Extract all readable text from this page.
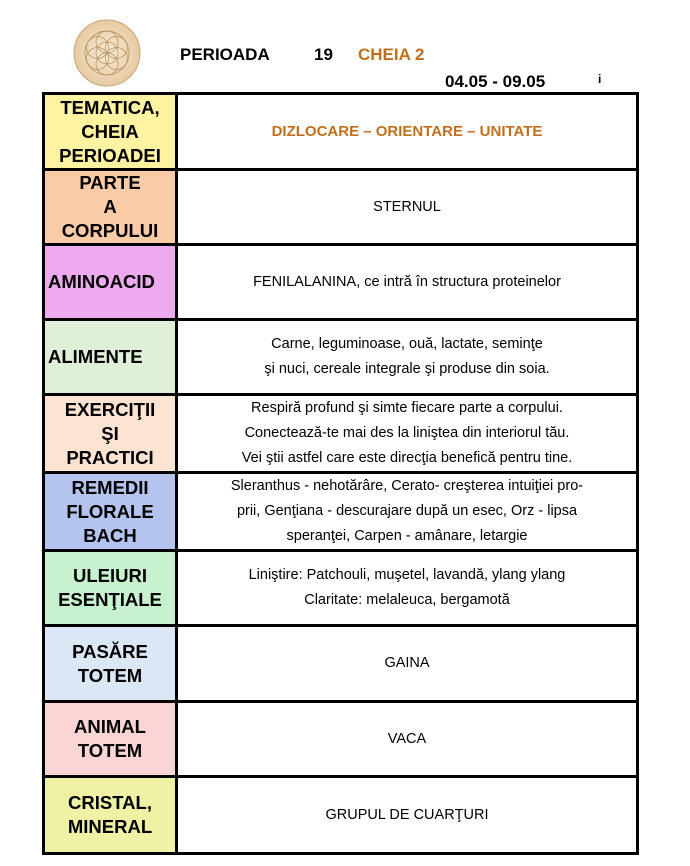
PERIOADA	19 CHEIA 2
04.05 - 09.05	i
TEMATICA,
CHEIA
PERIOADEI	DIZLOCARE – ORIENTARE – UNITATE

PARTE
A
CORPULUI	STERNUL

AMINOACID	FENILALANINA, ce intră în structura proteinelor

ALIMENTE	Carne, leguminoase, ouă, lactate, seminţe
şi nuci, cereale integrale şi produse din soia.

EXERCIŢII
ŞI
PRACTICI	Respiră profund şi simte fiecare parte a corpului.
Conectează-te mai des la liniştea din interiorul tău.
Vei ştii astfel care este direcţia benefică pentru tine.

REMEDII
FLORALE
BACH	Sleranthus - nehotărâre, Cerato- creşterea intuiţiei pro-
prii, Genţiana - descurajare după un esec, Orz - lipsa
speranţei, Carpen - amânare, letargie

ULEIURI
ESENŢIALE	Liniştire: Patchouli, muşetel, lavandă, ylang ylang
Claritate: melaleuca, bergamotă

PASĂRE
TOTEM	GAINA

ANIMAL
TOTEM	VACA

CRISTAL,
MINERAL	GRUPUL DE CUARŢURI
